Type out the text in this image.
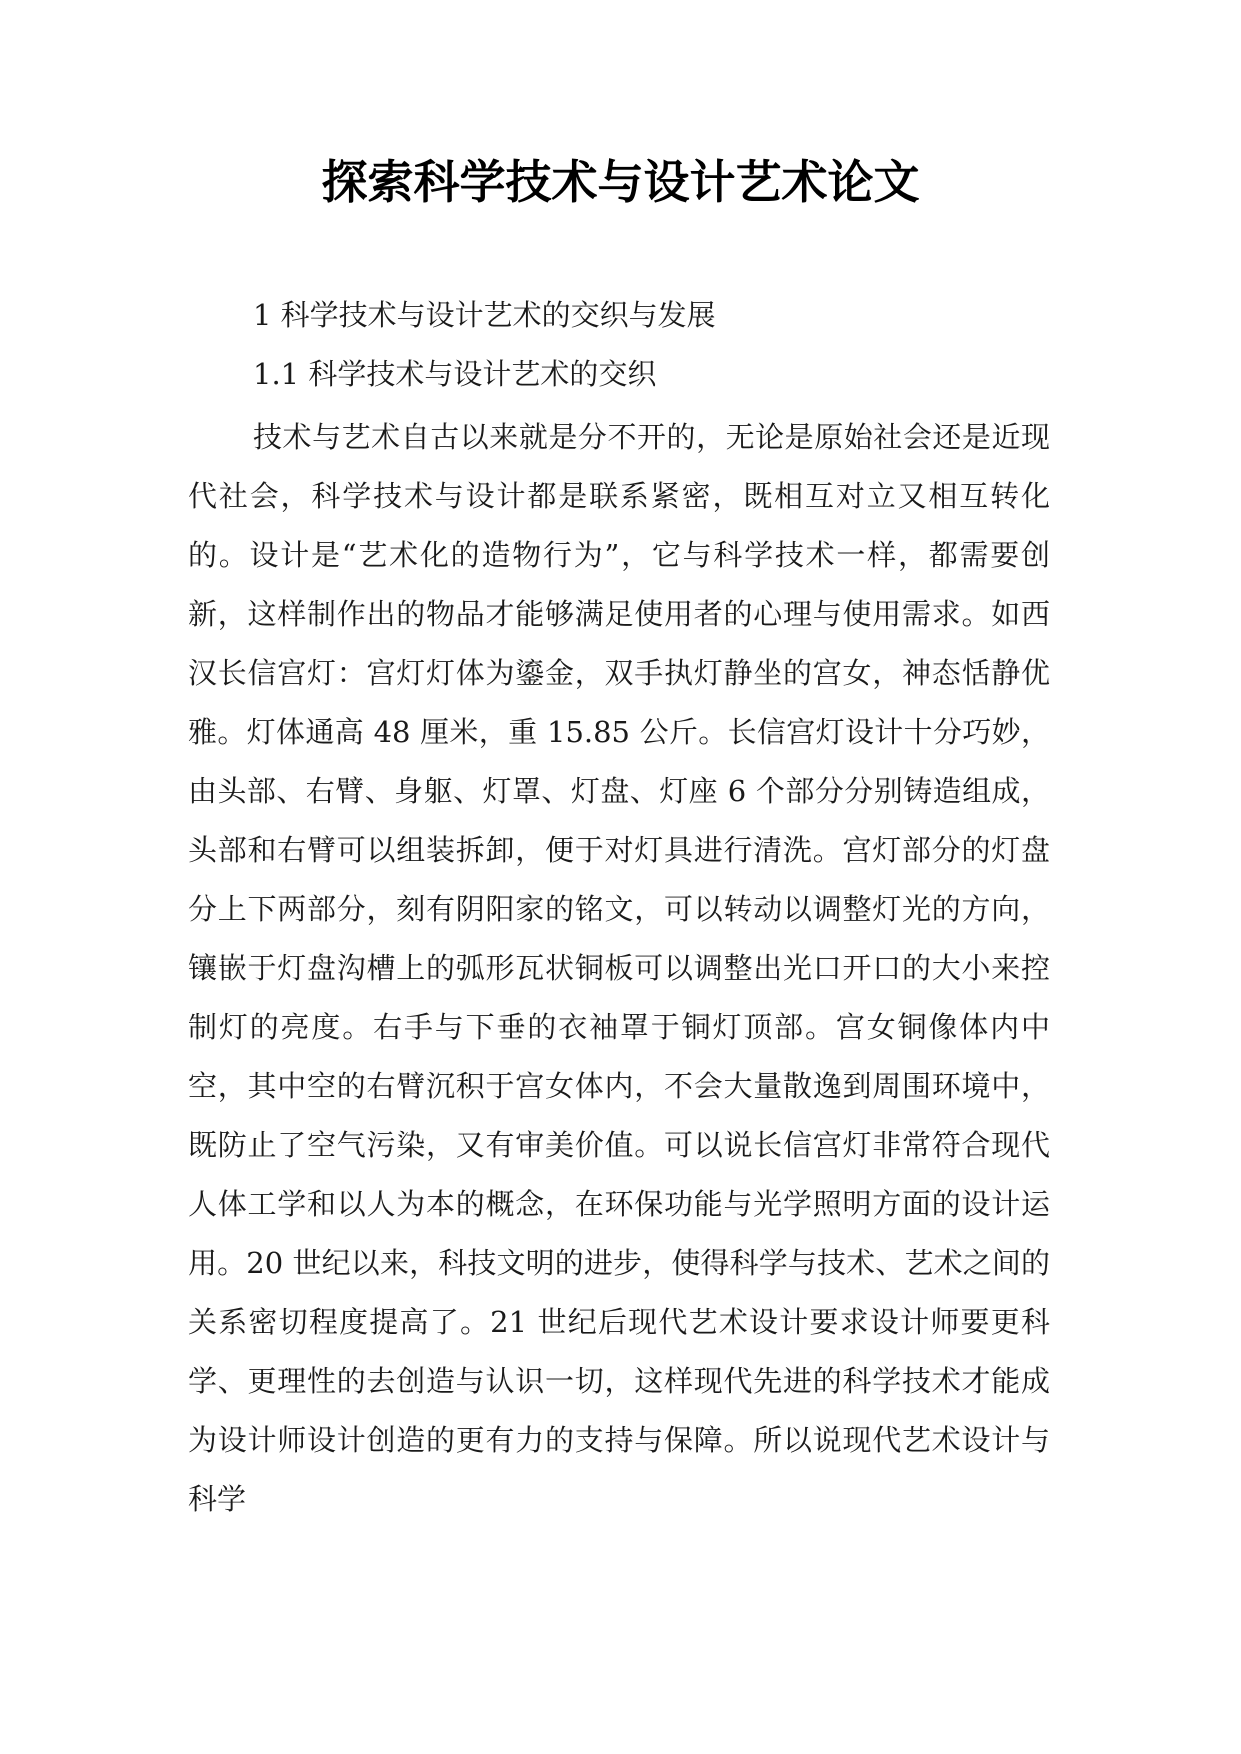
探索科学技术与设计艺术论文

1 科学技术与设计艺术的交织与发展

1.1 科学技术与设计艺术的交织

技术与艺术自古以来就是分不开的，无论是原始社会还是近现代社会，科学技术与设计都是联系紧密，既相互对立又相互转化的。设计是“艺术化的造物行为”，它与科学技术一样，都需要创新，这样制作出的物品才能够满足使用者的心理与使用需求。如西汉长信宫灯：宫灯灯体为鎏金，双手执灯静坐的宫女，神态恬静优雅。灯体通高 48 厘米，重 15.85 公斤。长信宫灯设计十分巧妙，由头部、右臂、身躯、灯罩、灯盘、灯座 6 个部分分别铸造组成，头部和右臂可以组装拆卸，便于对灯具进行清洗。宫灯部分的灯盘分上下两部分，刻有阴阳家的铭文，可以转动以调整灯光的方向，镶嵌于灯盘沟槽上的弧形瓦状铜板可以调整出光口开口的大小来控制灯的亮度。右手与下垂的衣袖罩于铜灯顶部。宫女铜像体内中空，其中空的右臂沉积于宫女体内，不会大量散逸到周围环境中，既防止了空气污染，又有审美价值。可以说长信宫灯非常符合现代人体工学和以人为本的概念，在环保功能与光学照明方面的设计运用。20 世纪以来，科技文明的进步，使得科学与技术、艺术之间的关系密切程度提高了。21 世纪后现代艺术设计要求设计师要更科学、更理性的去创造与认识一切，这样现代先进的科学技术才能成为设计师设计创造的更有力的支持与保障。所以说现代艺术设计与科学
